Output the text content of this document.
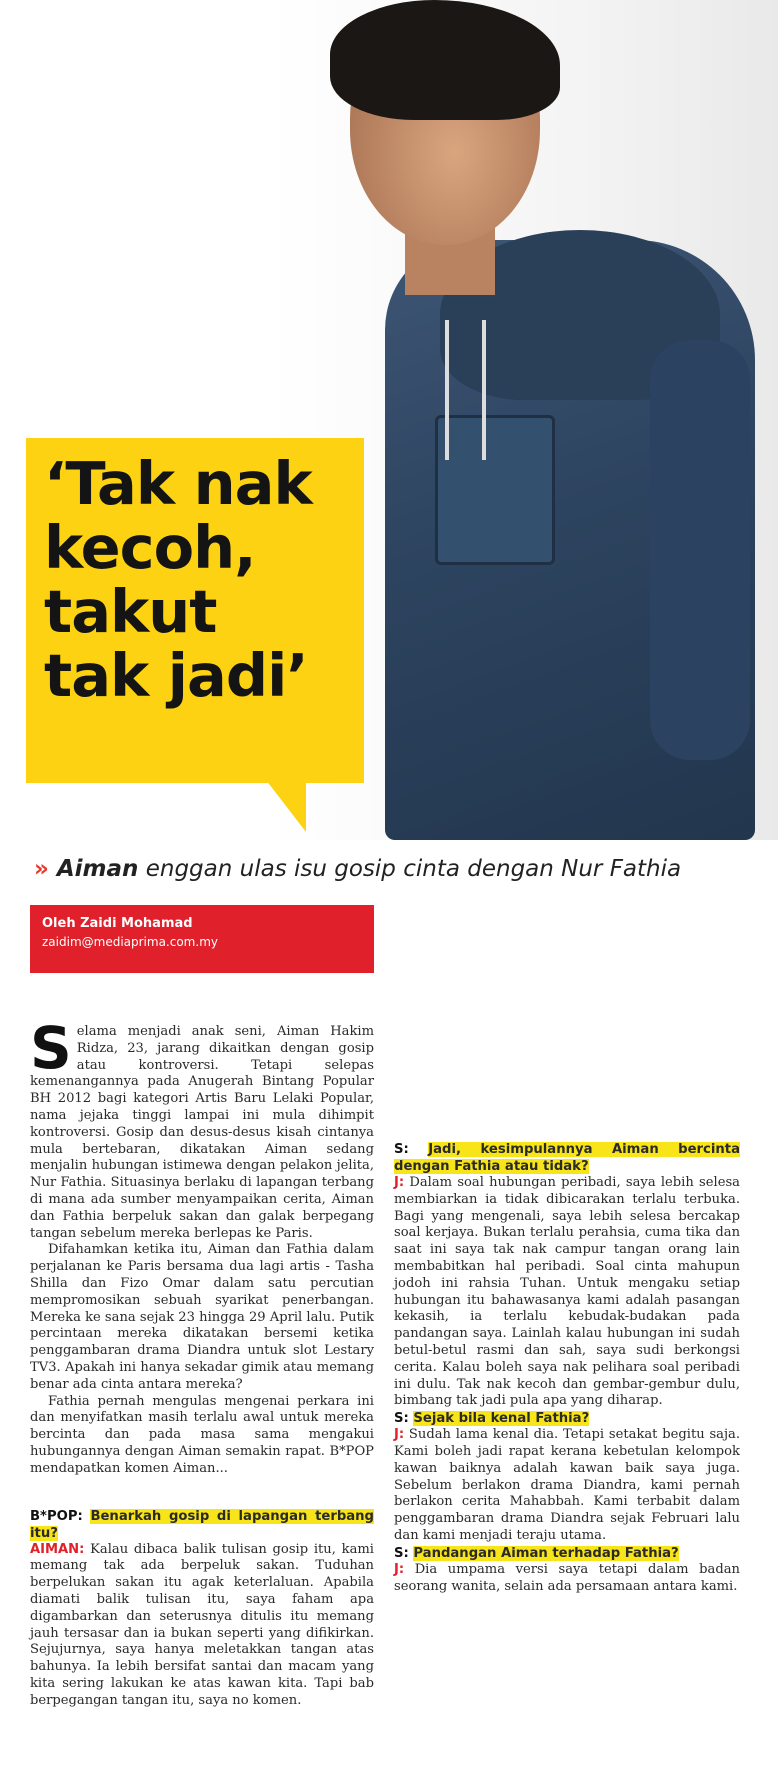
‘Tak nak
kecoh,
takut
tak jadi’
» Aiman enggan ulas isu gosip cinta dengan Nur Fathia
Oleh Zaidi Mohamad
zaidim@mediaprima.com.my

Selama menjadi anak seni, Aiman Hakim Ridza, 23, jarang dikaitkan dengan gosip atau kontroversi. Tetapi selepas kemenangannya pada Anugerah Bintang Popular BH 2012 bagi kategori Artis Baru Lelaki Popular, nama jejaka tinggi lampai ini mula dihimpit kontroversi. Gosip dan desus-desus kisah cintanya mula bertebaran, dikatakan Aiman sedang menjalin hubungan istimewa dengan pelakon jelita, Nur Fathia. Situasinya berlaku di lapangan terbang di mana ada sumber menyampaikan cerita, Aiman dan Fathia berpeluk sakan dan galak berpegang tangan sebelum mereka berlepas ke Paris.

Difahamkan ketika itu, Aiman dan Fathia dalam perjalanan ke Paris bersama dua lagi artis - Tasha Shilla dan Fizo Omar dalam satu percutian mempromosikan sebuah syarikat penerbangan. Mereka ke sana sejak 23 hingga 29 April lalu. Putik percintaan mereka dikatakan bersemi ketika penggambaran drama Diandra untuk slot Lestary TV3. Apakah ini hanya sekadar gimik atau memang benar ada cinta antara mereka?

Fathia pernah mengulas mengenai perkara ini dan menyifatkan masih terlalu awal untuk mereka bercinta dan pada masa sama mengakui hubungannya dengan Aiman semakin rapat. B*POP mendapatkan komen Aiman...

B*POP: Benarkah gosip di lapangan terbang itu?

AIMAN: Kalau dibaca balik tulisan gosip itu, kami memang tak ada berpeluk sakan. Tuduhan berpelukan sakan itu agak keterlaluan. Apabila diamati balik tulisan itu, saya faham apa digambarkan dan seterusnya ditulis itu memang jauh tersasar dan ia bukan seperti yang difikirkan. Sejujurnya, saya hanya meletakkan tangan atas bahunya. Ia lebih bersifat santai dan macam yang kita sering lakukan ke atas kawan kita. Tapi bab berpegangan tangan itu, saya no komen.

S: Jadi, kesimpulannya Aiman bercinta dengan Fathia atau tidak?

J: Dalam soal hubungan peribadi, saya lebih selesa membiarkan ia tidak dibicarakan terlalu terbuka. Bagi yang mengenali, saya lebih selesa bercakap soal kerjaya. Bukan terlalu perahsia, cuma tika dan saat ini saya tak nak campur tangan orang lain membabitkan hal peribadi. Soal cinta mahupun jodoh ini rahsia Tuhan. Untuk mengaku setiap hubungan itu bahawasanya kami adalah pasangan kekasih, ia terlalu kebudak-budakan pada pandangan saya. Lainlah kalau hubungan ini sudah betul-betul rasmi dan sah, saya sudi berkongsi cerita. Kalau boleh saya nak pelihara soal peribadi ini dulu. Tak nak kecoh dan gembar-gembur dulu, bimbang tak jadi pula apa yang diharap.

S: Sejak bila kenal Fathia?

J: Sudah lama kenal dia. Tetapi setakat begitu saja. Kami boleh jadi rapat kerana kebetulan kelompok kawan baiknya adalah kawan baik saya juga. Sebelum berlakon drama Diandra, kami pernah berlakon cerita Mahabbah. Kami terbabit dalam penggambaran drama Diandra sejak Februari lalu dan kami menjadi teraju utama.

S: Pandangan Aiman terhadap Fathia?

J: Dia umpama versi saya tetapi dalam badan seorang wanita, selain ada persamaan antara kami.
